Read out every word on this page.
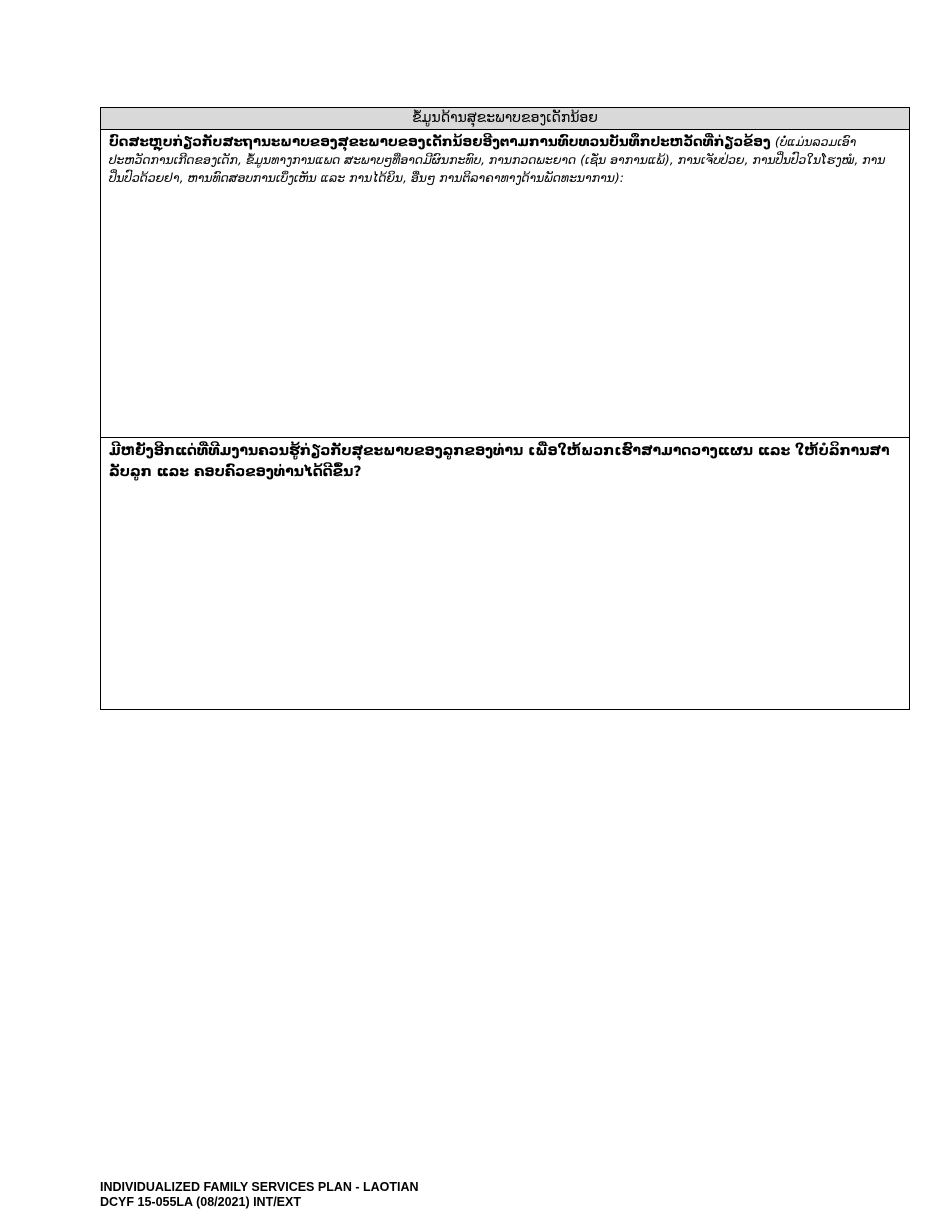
ຂໍ້ມູນດ້ານສຸຂະພາບຂອງເດັກນ້ອຍ

ບົດສະຫຼຸບກ່ຽວກັບສະຖານະພາບຂອງສຸຂະພາບຂອງເດັກນ້ອຍອີງຕາມການທົບທວນບັນທຶກປະຫວັດທີ່ກ່ຽວຂ້ອງ (ບໍ່ແມ່ນລວມເອົາປະຫວັດການເກີດຂອງເດັກ, ຂໍ້ມູນທາງການແພດ ສະພາບໆທີ່ອາດມີຜົນກະທົບ, ການກວດພະຍາດ (ເຊັ່ນ ອາການແພ້), ການເຈັບປ່ວຍ, ການປິ່ນປົວໃນໂຮງໝໍ, ການປິ່ນປົວດ້ວຍຢາ, ຫານທົດສອບການເບິ່ງເຫັນ ແລະ ການໄດ້ຍິນ, ອື່ນໆ ການຕິລາຄາທາງດ້ານພັດທະນາການ):

ມີຫຍັງອີກແດ່ທີ່ທີມງານຄວນຮູ້ກ່ຽວກັບສຸຂະພາບຂອງລູກຂອງທ່ານ ເພື່ອໃຫ້ພວກເຮົາສາມາດວາງແຜນ ແລະ ໃຫ້ບໍລິການສາລັບລູກ ແລະ ຄອບຄົວຂອງທ່ານໄດ້ດີຂຶ້ນ?

INDIVIDUALIZED FAMILY SERVICES PLAN - LAOTIAN
DCYF 15-055LA (08/2021) INT/EXT
